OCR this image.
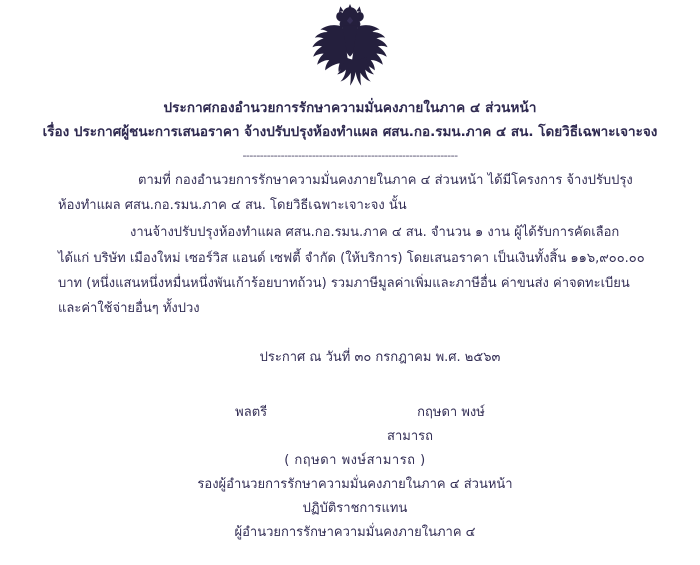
ประกาศกองอำนวยการรักษาความมั่นคงภายในภาค ๔ ส่วนหน้า
เรื่อง ประกาศผู้ชนะการเสนอราคา จ้างปรับปรุงห้องทำแผล ศสน.กอ.รมน.ภาค ๔ สน. โดยวิธีเฉพาะเจาะจง
--------------------------------------------------------------

ตามที่ กองอำนวยการรักษาความมั่นคงภายในภาค ๔ ส่วนหน้า ได้มีโครงการ จ้างปรับปรุงห้องทำแผล ศสน.กอ.รมน.ภาค ๔ สน. โดยวิธีเฉพาะเจาะจง นั้น

งานจ้างปรับปรุงห้องทำแผล ศสน.กอ.รมน.ภาค ๔ สน. จำนวน ๑ งาน ผู้ได้รับการคัดเลือก ได้แก่ บริษัท เมืองใหม่ เซอร์วิส แอนด์ เซฟตี้ จำกัด (ให้บริการ) โดยเสนอราคา เป็นเงินทั้งสิ้น ๑๑๖,๙๐๐.๐๐ บาท (หนึ่งแสนหนึ่งหมื่นหนึ่งพันเก้าร้อยบาทถ้วน) รวมภาษีมูลค่าเพิ่มและภาษีอื่น ค่าขนส่ง ค่าจดทะเบียน และค่าใช้จ่ายอื่นๆ ทั้งปวง

ประกาศ ณ วันที่ ๓๐ กรกฎาคม พ.ศ. ๒๕๖๓
พลตรี	กฤษดา พงษ์
สามารถ
( กฤษดา พงษ์สามารถ )
รองผู้อำนวยการรักษาความมั่นคงภายในภาค ๔ ส่วนหน้า
ปฏิบัติราชการแทน
ผู้อำนวยการรักษาความมั่นคงภายในภาค ๔
